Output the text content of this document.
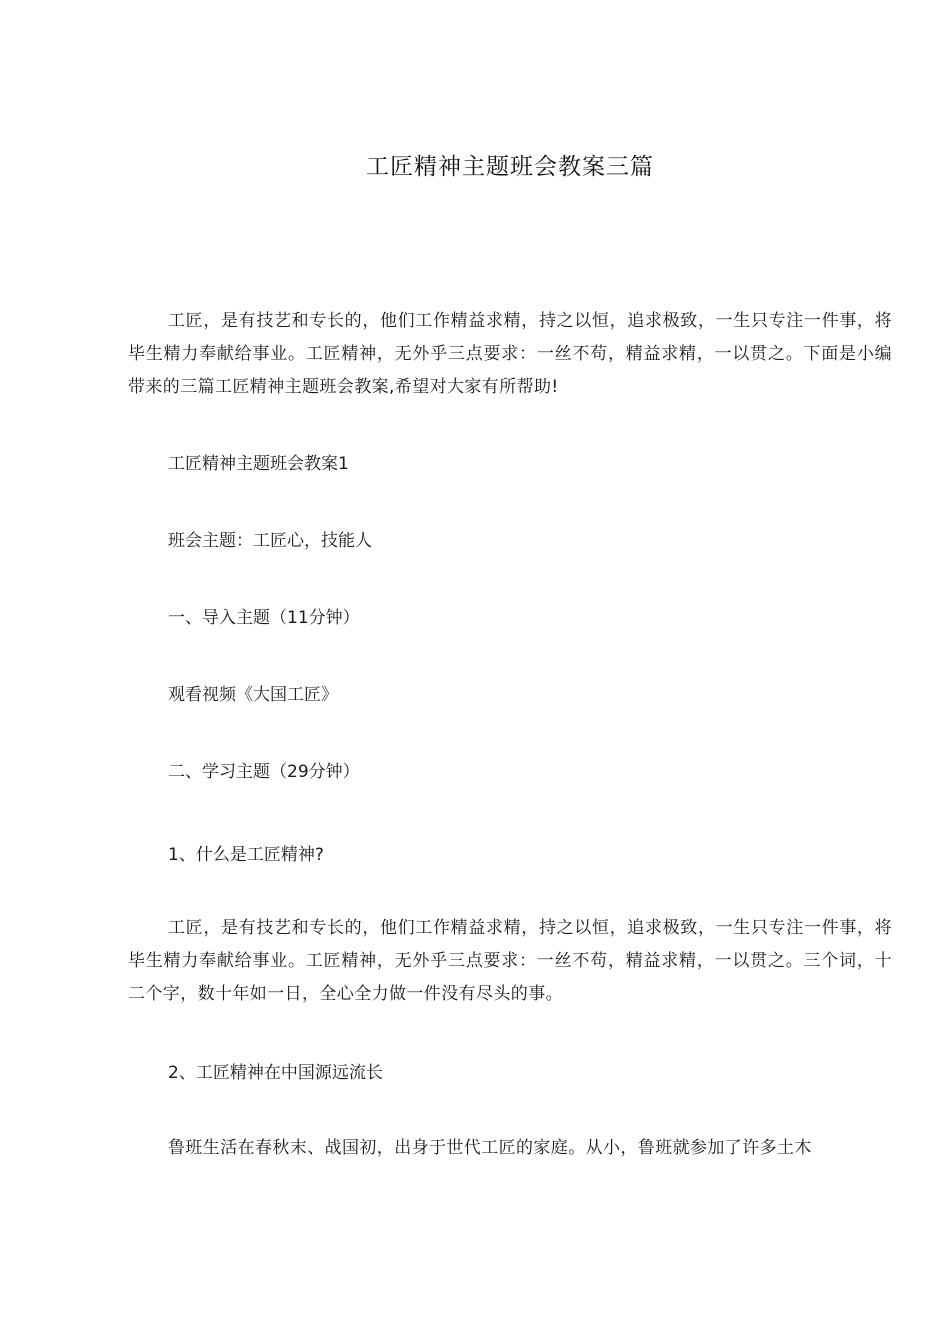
工匠精神主题班会教案三篇

工匠，是有技艺和专长的，他们工作精益求精，持之以恒，追求极致，一生只专注一件事，将毕生精力奉献给事业。工匠精神，无外乎三点要求：一丝不苟，精益求精，一以贯之。下面是小编带来的三篇工匠精神主题班会教案,希望对大家有所帮助!

工匠精神主题班会教案1

班会主题：工匠心，技能人

一、导入主题（11分钟）

观看视频《大国工匠》

二、学习主题（29分钟）

1、什么是工匠精神?

工匠，是有技艺和专长的，他们工作精益求精，持之以恒，追求极致，一生只专注一件事，将毕生精力奉献给事业。工匠精神，无外乎三点要求：一丝不苟，精益求精，一以贯之。三个词，十二个字，数十年如一日，全心全力做一件没有尽头的事。

2、工匠精神在中国源远流长

鲁班生活在春秋末、战国初，出身于世代工匠的家庭。从小，鲁班就参加了许多土木
